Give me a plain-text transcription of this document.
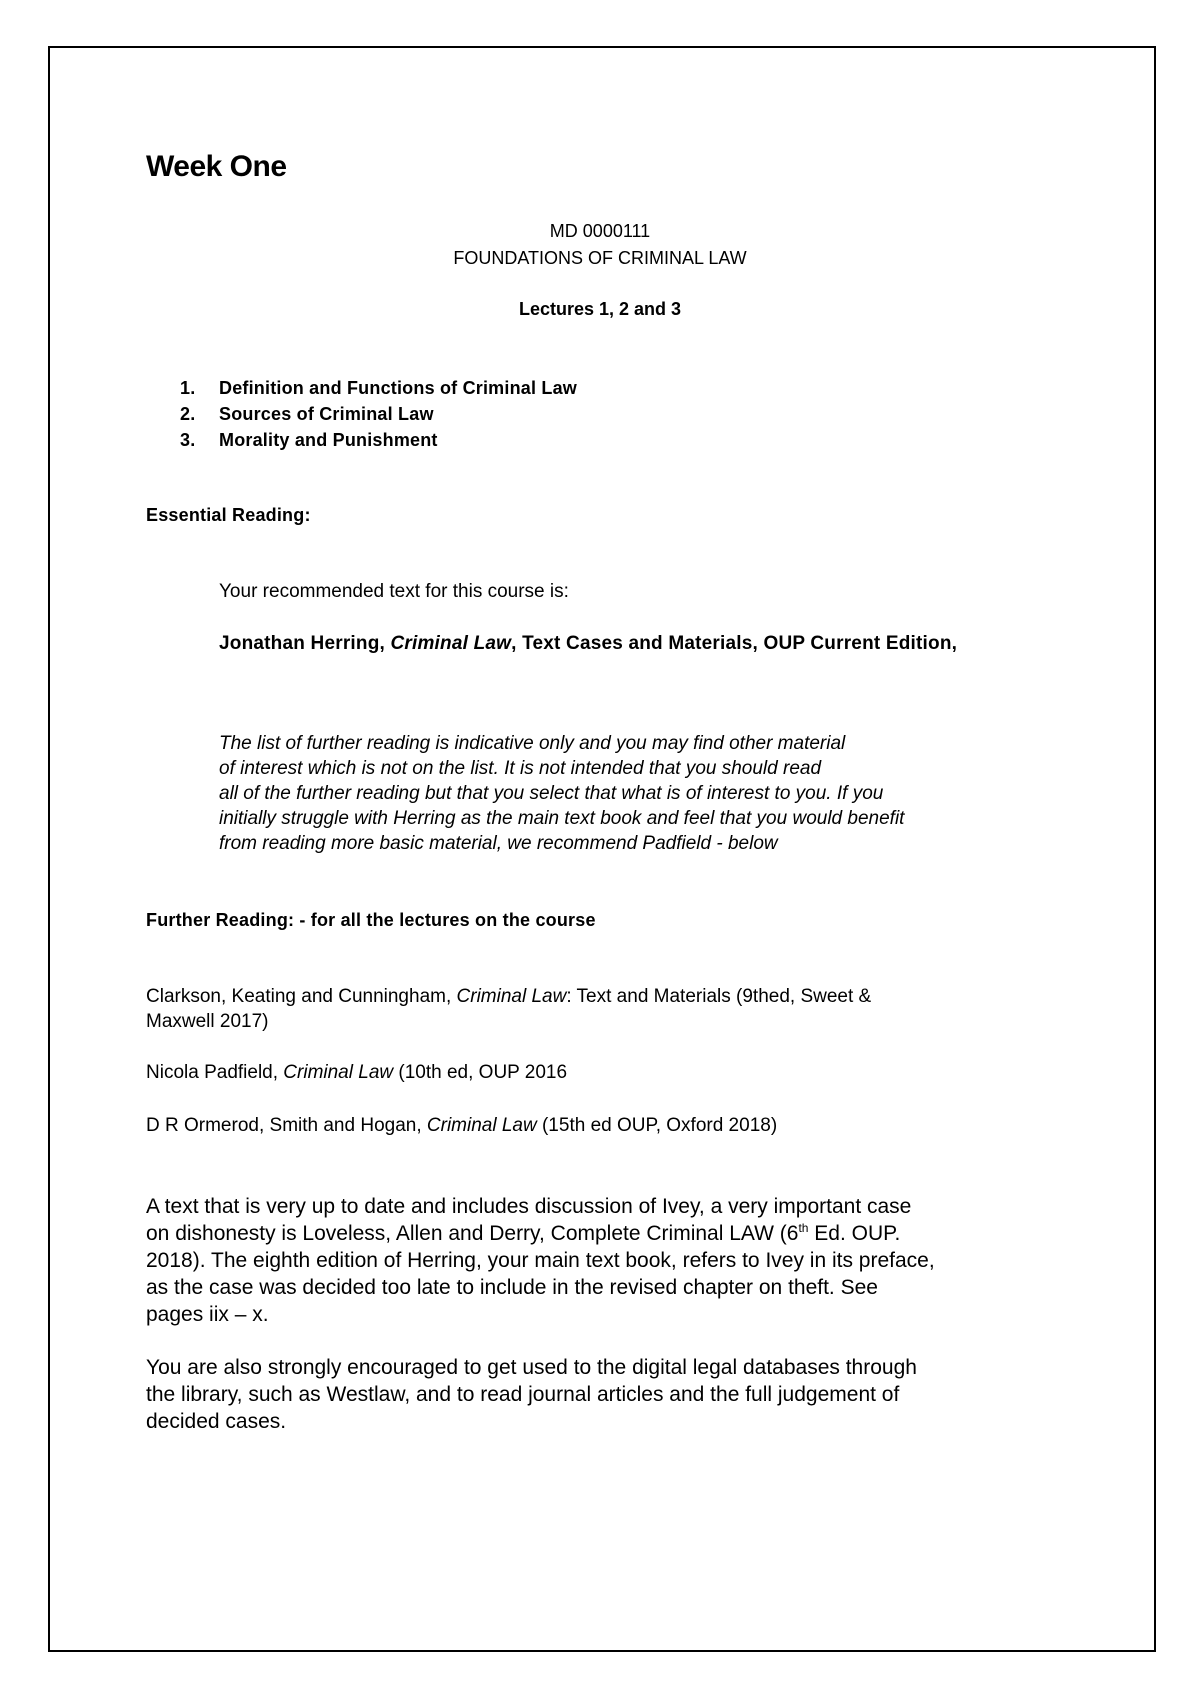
Week One
MD 0000111
FOUNDATIONS OF CRIMINAL LAW
Lectures 1, 2 and 3
1. Definition and Functions of Criminal Law
2. Sources of Criminal Law
3. Morality and Punishment
Essential Reading:
Your recommended text for this course is:
Jonathan Herring, Criminal Law, Text Cases and Materials, OUP Current Edition,
The list of further reading is indicative only and you may find other material
of interest which is not on the list. It is not intended that you should read
all of the further reading but that you select that what is of interest to you. If you
initially struggle with Herring as the main text book and feel that you would benefit
from reading more basic material, we recommend Padfield - below
Further Reading: - for all the lectures on the course
Clarkson, Keating and Cunningham, Criminal Law: Text and Materials (9thed, Sweet &
Maxwell 2017)
Nicola Padfield, Criminal Law (10th ed, OUP 2016
D R Ormerod, Smith and Hogan, Criminal Law (15th ed OUP, Oxford 2018)
A text that is very up to date and includes discussion of Ivey, a very important case
on dishonesty is Loveless, Allen and Derry, Complete Criminal LAW (6th Ed. OUP.
2018). The eighth edition of Herring, your main text book, refers to Ivey in its preface,
as the case was decided too late to include in the revised chapter on theft. See
pages iix – x.
You are also strongly encouraged to get used to the digital legal databases through
the library, such as Westlaw, and to read journal articles and the full judgement of
decided cases.
